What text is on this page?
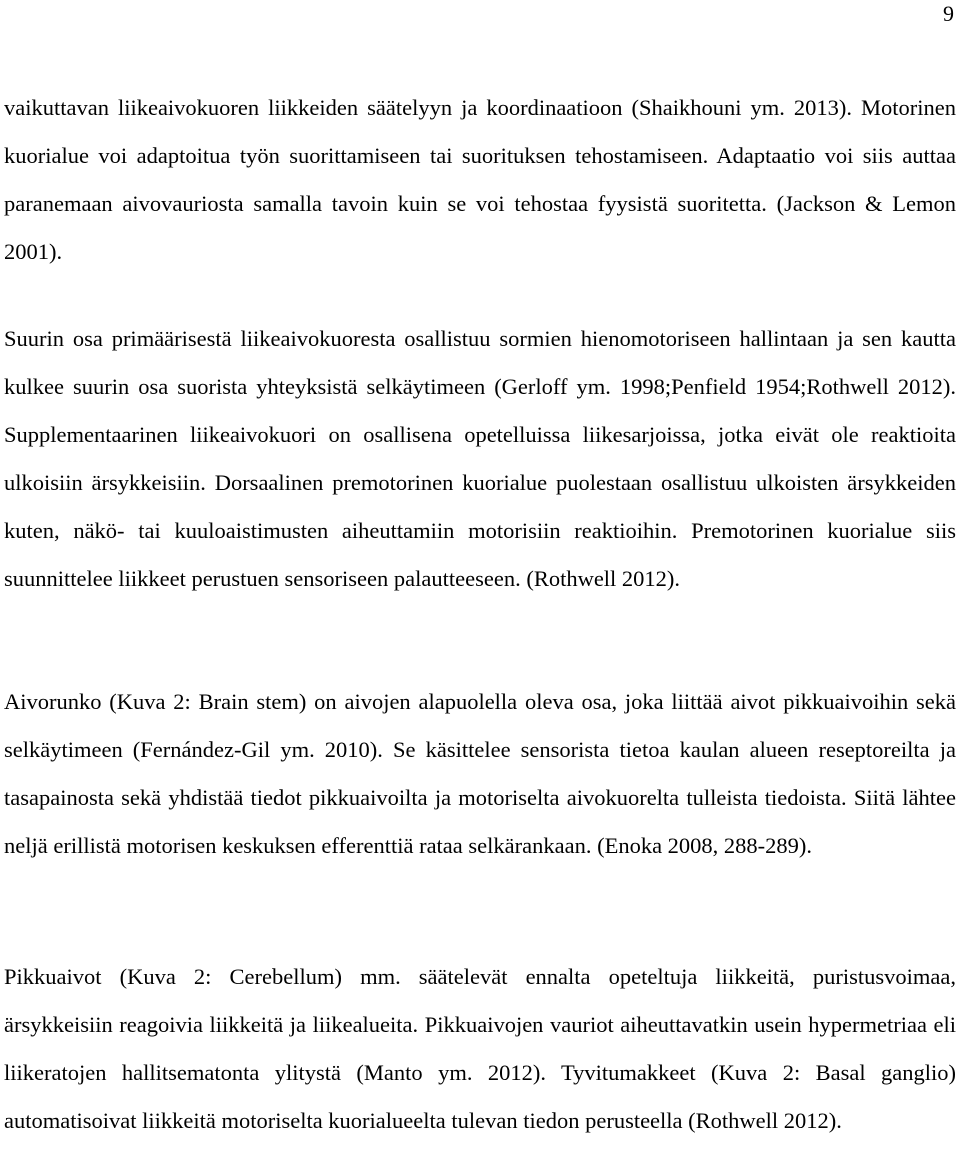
9

vaikuttavan liikeaivokuoren liikkeiden säätelyyn ja koordinaatioon (Shaikhouni ym. 2013). Motorinen kuorialue voi adaptoitua työn suorittamiseen tai suorituksen tehostamiseen. Adaptaatio voi siis auttaa paranemaan aivovauriosta samalla tavoin kuin se voi tehostaa fyysistä suoritetta. (Jackson & Lemon 2001).

Suurin osa primäärisestä liikeaivokuoresta osallistuu sormien hienomotoriseen hallintaan ja sen kautta kulkee suurin osa suorista yhteyksistä selkäytimeen (Gerloff ym. 1998;Penfield 1954;Rothwell 2012). Supplementaarinen liikeaivokuori on osallisena opetelluissa liikesarjoissa, jotka eivät ole reaktioita ulkoisiin ärsykkeisiin. Dorsaalinen premotorinen kuorialue puolestaan osallistuu ulkoisten ärsykkeiden kuten, näkö- tai kuuloaistimusten aiheuttamiin motorisiin reaktioihin. Premotorinen kuorialue siis suunnittelee liikkeet perustuen sensoriseen palautteeseen. (Rothwell 2012).

Aivorunko (Kuva 2: Brain stem) on aivojen alapuolella oleva osa, joka liittää aivot pikkuaivoihin sekä selkäytimeen (Fernández-Gil ym. 2010). Se käsittelee sensorista tietoa kaulan alueen reseptoreilta ja tasapainosta sekä yhdistää tiedot pikkuaivoilta ja motoriselta aivokuorelta tulleista tiedoista. Siitä lähtee neljä erillistä motorisen keskuksen efferenttiä rataa selkärankaan. (Enoka 2008, 288-289).

Pikkuaivot (Kuva 2: Cerebellum) mm. säätelevät ennalta opeteltuja liikkeitä, puristusvoimaa, ärsykkeisiin reagoivia liikkeitä ja liikealueita. Pikkuaivojen vauriot aiheuttavatkin usein hypermetriaa eli liikeratojen hallitsematonta ylitystä (Manto ym. 2012). Tyvitumakkeet (Kuva 2: Basal ganglio) automatisoivat liikkeitä motoriselta kuorialueelta tulevan tiedon perusteella (Rothwell 2012).
